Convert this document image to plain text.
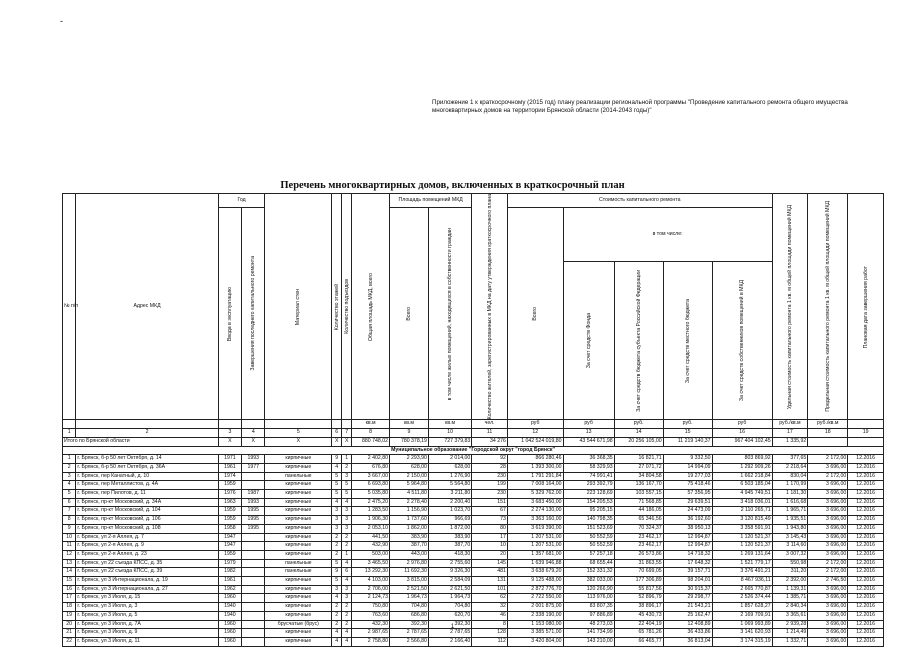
-
Приложение 1 к краткосрочному (2015 год) плану реализации региональной программы "Проведение капитального ремонта общего имущества многоквартирных домов на территории Брянской области (2014-2043 годы)"
Перечень многоквартирных домов, включенных в краткосрочный план
№ п/п	Адрес МКД	Год		Материал стен	Количество этажей	Количество подъездов	Общая площадь МКД, всего	Площадь помещений МКД		Количество жителей, зарегистрированных в МКД на дату утверждения краткосрочного плана	Стоимость капитального ремонта					Удельная стоимость капитального ремонта 1 кв. м общей площади помещений МКД	Предельная стоимость капитального ремонта 1 кв. м общей площади помещений МКД	Плановая дата завершения работ

		Ввода в эксплуатацию	Завершения последнего капитального ремонта					Всего	в том числе жилых помещений, находящихся в собственности граждан		Всего	в том числе:						

												За счет средств Фонда	За счет средств бюджета субъекта Российской Федерации	За счет средств местного бюджета	За счет средств собственников помещений в МКД			

							кв.м	кв.м	кв.м	чел.	руб	руб	руб.	руб.	руб	руб./кв.м	руб./кв.м	
1	2	3	4	5	6	7	8	9	10	11	12	13	14	15	16	17	18	19
Итого по Брянской области		X	X	X	X	X	880 748,02	780 378,19	727 379,83	34 276	1 042 524 019,80	43 544 671,98	20 256 105,00	11 219 140,37	967 404 102,45	1 335,92		
Муниципальное образование "Городской округ "город Брянск"																		
1	г. Брянск, б-р 50 лет Октября, д. 14	1971	1993	кирпичные	9	1	2 402,80	2 293,90	2 014,00	92	866 280,46	36 368,35	16 821,71	9 332,50	803 869,92	377,65	2 172,00	12.2016
2	г. Брянск, б-р 50 лет Октября, д. 36А	1961	1977	кирпичные	4	2	676,80	628,00	628,00	28	1 393 300,00	58 329,93	27 071,72	14 994,09	1 292 909,26	2 218,64	3 696,00	12.2016
3	г. Брянск, пер Канатный, д. 10	1974		панельные	5	3	3 667,00	2 150,00	1 276,90	230	1 791 291,84	74 991,41	34 804,58	19 277,03	1 662 218,84	830,04	2 172,00	12.2016
4	г. Брянск, пер Металлистов, д. 4А	1959		кирпичные	5	5	6 693,80	5 964,80	5 564,80	199	7 008 164,00	293 392,79	136 167,70	75 418,46	6 503 185,04	1 170,99	3 696,00	12.2016
5	г. Брянск, пер Пилотов, д. 11	1976	1987	кирпичные	5	5	5 035,80	4 511,80	3 211,80	230	5 329 762,00	223 128,69	103 557,15	57 356,95	4 945 749,51	1 181,30	3 696,00	12.2016
6	г. Брянск, пр-кт Московский, д. 34А	1963	1993	кирпичные	4	4	2 475,20	2 278,40	2 200,40	151	3 683 450,00	154 205,53	71 568,85	29 639,51	3 418 036,01	1 616,68	3 696,00	12.2016
7	г. Брянск, пр-кт Московский, д. 104	1959	1995	кирпичные	3	3	1 283,50	1 156,90	1 023,70	67	2 274 130,00	95 205,15	44 186,05	24 473,09	2 110 265,71	1 965,71	3 696,00	12.2016
8	г. Брянск, пр-кт Московский, д. 106	1959	1995	кирпичные	3	3	1 906,30	1 737,60	966,69	73	3 363 160,00	140 798,35	65 346,56	36 192,60	3 120 815,49	1 935,51	3 696,00	12.2016
9	г. Брянск, пр-кт Московский, д. 108	1958	1995	кирпичные	3	3	2 053,10	1 862,00	1 872,00	80	3 619 390,00	151 523,69	70 324,37	38 950,13	3 358 591,91	1 943,80	3 696,00	12.2016
10	г. Брянск, ул 2-я Аллея, д. 7	1947		кирпичные	2	2	441,50	383,90	383,90	17	1 207 531,00	50 552,59	23 462,17	12 994,87	1 120 521,37	3 145,43	3 696,00	12.2016
11	г. Брянск, ул 2-я Аллея, д. 9	1947		кирпичные	2	2	432,90	387,70	387,70	10	1 207 531,00	50 552,59	23 462,17	12 994,87	1 120 521,37	3 114,60	3 696,00	12.2016
12	г. Брянск, ул 2-я Аллея, д. 23	1959		кирпичные	2	1	503,00	443,00	418,30	20	1 357 681,00	57 257,18	26 573,86	14 718,32	1 269 131,64	3 007,32	3 696,00	12.2016
13	г. Брянск, ул 22 съезда КПСС, д. 35	1979		панельные	5	4	3 465,50	2 976,80	2 755,60	145	1 639 946,88	68 655,44	31 863,55	17 648,32	1 521 779,17	550,98	2 172,00	12.2016
14	г. Брянск, ул 22 съезда КПСС, д. 39	1982		панельные	9	6	13 292,30	11 692,30	9 326,30	481	3 638 679,20	152 331,32	70 699,05	39 157,71	3 376 491,21	311,20	2 172,00	12.2016
15	г. Брянск, ул 3 Интернационала, д. 19	1961		кирпичные	5	4	4 103,00	3 815,00	2 584,09	131	9 125 488,00	382 033,00	177 306,89	98 204,01	8 467 936,11	2 392,00	2 746,50	12.2016
16	г. Брянск, ул 3 Интернационала, д. 27	1962		кирпичные	3	3	2 706,00	2 521,50	2 621,50	101	2 872 776,70	120 266,90	55 817,56	30 915,37	2 665 770,87	1 139,31	3 696,00	12.2016
17	г. Брянск, ул 3 Июля, д. 15	1960		кирпичные	4	3	2 124,73	1 964,73	1 964,73	62	2 722 550,00	113 976,00	52 896,79	29 298,77	2 526 374,44	1 385,71	3 696,00	12.2016
18	г. Брянск, ул 3 Июля, д. 3	1940		кирпичные	2	2	750,80	704,80	704,80	32	2 001 875,00	83 807,35	38 896,17	21 543,21	1 857 628,27	2 840,34	3 696,00	12.2016
19	г. Брянск, ул 3 Июля, д. 5	1940		кирпичные	2	2	763,60	686,80	620,70	46	2 338 190,00	97 886,89	45 430,73	25 162,47	2 169 709,91	3 365,61	3 696,00	12.2016
20	г. Брянск, ул 3 Июля, д. 7А	1960		брусчатые (брус)	2	2	432,30	392,30	392,30	8	1 153 080,00	48 273,03	22 404,19	12 408,89	1 069 993,89	2 939,28	3 696,00	12.2016
21	г. Брянск, ул 3 Июля, д. 9	1960		кирпичные	4	4	2 987,65	2 787,65	2 787,65	128	3 385 571,00	141 734,99	65 781,26	36 433,86	3 141 620,93	1 214,49	3 696,00	12.2016
22	г. Брянск, ул 3 Июля, д. 11	1960		кирпичные	4	4	2 758,80	2 566,80	2 166,40	112	3 420 804,00	143 210,00	66 465,77	36 813,04	3 174 315,19	1 332,71	3 696,00	12.2016
1
